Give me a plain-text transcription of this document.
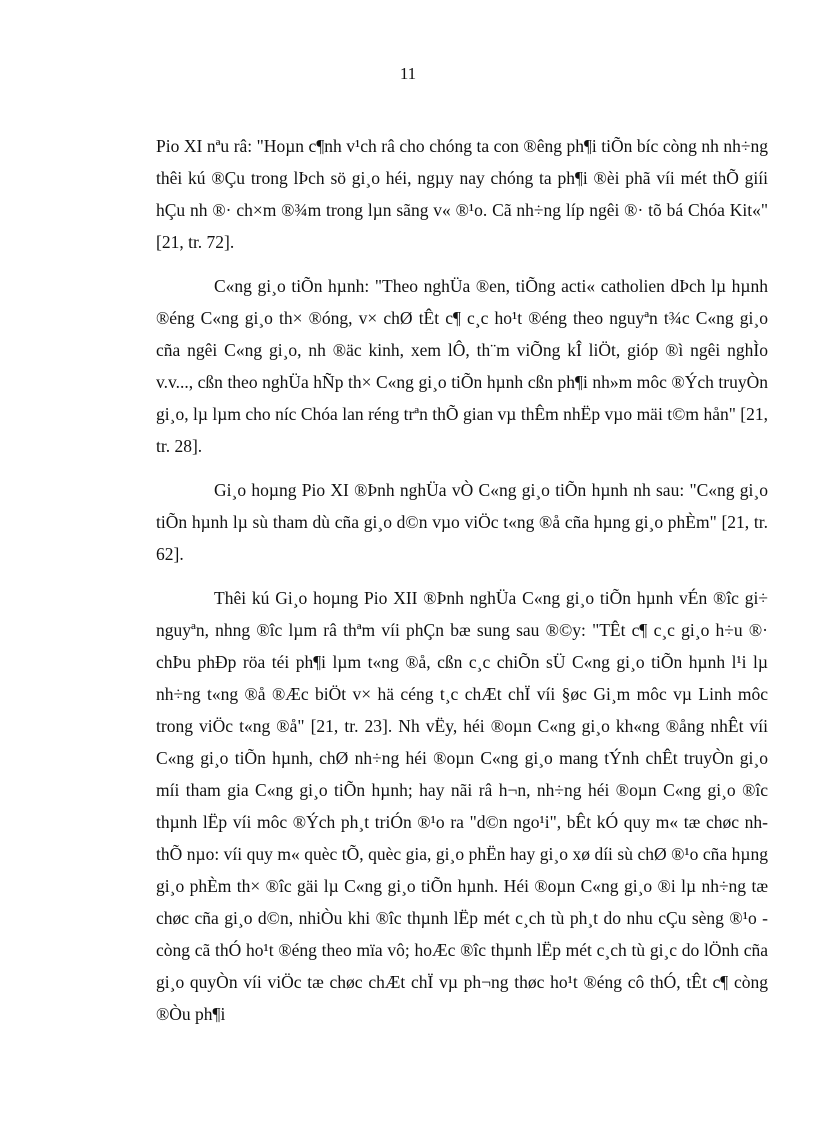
11

Pio XI nªu râ: "Hoµn c¶nh v¹ch râ cho chóng ta con ®êng ph¶i tiÕn bíc còng nh nh÷ng thêi kú ®Çu trong lÞch sö gi¸o héi, ngµy nay chóng ta ph¶i ®èi phã víi mét thÕ giíi hÇu nh ®· ch×m ®¾m trong lµn sãng v« ®¹o. Cã nh÷ng líp ngêi ®· tõ bá Chóa Kit«" [21, tr. 72].

C«ng gi¸o tiÕn hµnh: "Theo nghÜa ®en, tiÕng acti« catholien dÞch lµ hµnh ®éng C«ng gi¸o th× ®óng, v× chØ tÊt c¶ c¸c ho¹t ®éng theo nguyªn t¾c C«ng gi¸o cña ngêi C«ng gi¸o, nh ®äc kinh, xem lÔ, th¨m viÕng kÎ liÖt, gióp ®ì ngêi nghÌo v.v..., cßn theo nghÜa hÑp th× C«ng gi¸o tiÕn hµnh cßn ph¶i nh»m môc ®Ých truyÒn gi¸o, lµ lµm cho níc Chóa lan réng trªn thÕ gian vµ thÊm nhËp vµo mäi t©m hån" [21, tr. 28].

Gi¸o hoµng Pio XI ®Þnh nghÜa vÒ C«ng gi¸o tiÕn hµnh nh sau: "C«ng gi¸o tiÕn hµnh lµ sù tham dù cña gi¸o d©n vµo viÖc t«ng ®å cña hµng gi¸o phÈm" [21, tr. 62].

Thêi kú Gi¸o hoµng Pio XII ®Þnh nghÜa C«ng gi¸o tiÕn hµnh vÉn ®îc gi÷ nguyªn, nhng ®îc lµm râ thªm víi phÇn bæ sung sau ®©y: "TÊt c¶ c¸c gi¸o h÷u ®· chÞu phÐp röa téi ph¶i lµm t«ng ®å, cßn c¸c chiÕn sÜ C«ng gi¸o tiÕn hµnh l¹i lµ nh÷ng t«ng ®å ®Æc biÖt v× hä céng t¸c chÆt chÏ víi §øc Gi¸m môc vµ Linh môc trong viÖc t«ng ®å" [21, tr. 23]. Nh vËy, héi ®oµn C«ng gi¸o kh«ng ®ång nhÊt víi C«ng gi¸o tiÕn hµnh, chØ nh÷ng héi ®oµn C«ng gi¸o mang tÝnh chÊt truyÒn gi¸o míi tham gia C«ng gi¸o tiÕn hµnh; hay nãi râ h¬n, nh÷ng héi ®oµn C«ng gi¸o ®îc thµnh lËp víi môc ®Ých ph¸t triÓn ®¹o ra "d©n ngo¹i", bÊt kÓ quy m« tæ chøc nh thÕ nµo: víi quy m« quèc tÕ, quèc gia, gi¸o phËn hay gi¸o xø díi sù chØ ®¹o cña hµng gi¸o phÈm th× ®îc gäi lµ C«ng gi¸o tiÕn hµnh. Héi ®oµn C«ng gi¸o ®i lµ nh÷ng tæ chøc cña gi¸o d©n, nhiÒu khi ®îc thµnh lËp mét c¸ch tù ph¸t do nhu cÇu sèng ®¹o - còng cã thÓ ho¹t ®éng theo mïa vô; hoÆc ®îc thµnh lËp mét c¸ch tù gi¸c do lÖnh cña gi¸o quyÒn víi viÖc tæ chøc chÆt chÏ vµ ph¬ng thøc ho¹t ®éng cô thÓ, tÊt c¶ còng ®Òu ph¶i
